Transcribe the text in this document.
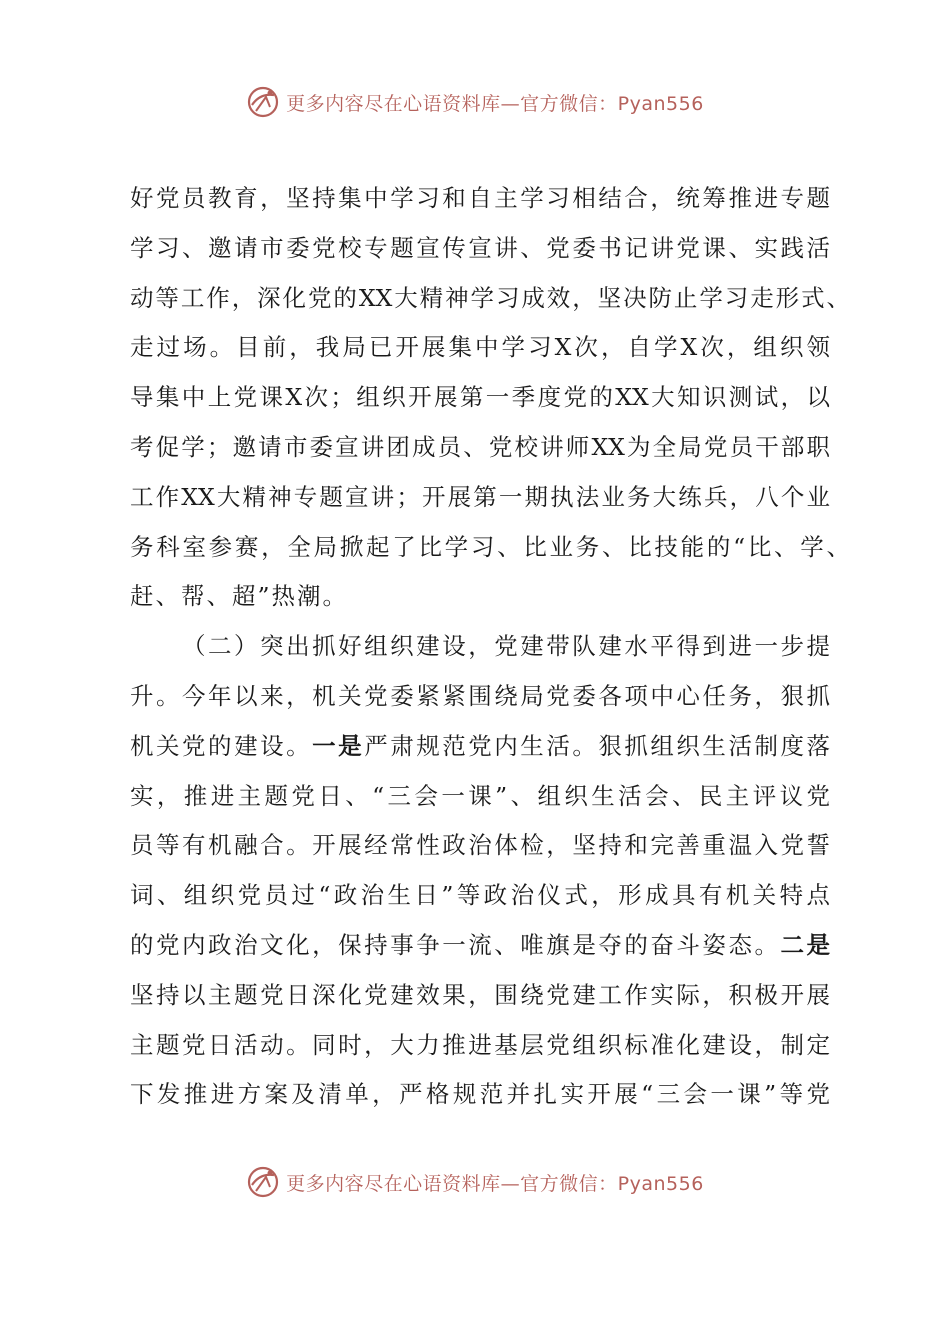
更多内容尽在心语资料库—官方微信：Pyan556
好党员教育，坚持集中学习和自主学习相结合，统筹推进专题
学习、邀请市委党校专题宣传宣讲、党委书记讲党课、实践活
动等工作，深化党的XX大精神学习成效，坚决防止学习走形式、
走过场。目前，我局已开展集中学习X次，自学X次，组织领
导集中上党课X次；组织开展第一季度党的XX大知识测试，以
考促学；邀请市委宣讲团成员、党校讲师XX为全局党员干部职
工作XX大精神专题宣讲；开展第一期执法业务大练兵，八个业
务科室参赛，全局掀起了比学习、比业务、比技能的“比、学、
赶、帮、超”热潮。
（二）突出抓好组织建设，党建带队建水平得到进一步提
升。今年以来，机关党委紧紧围绕局党委各项中心任务，狠抓
机关党的建设。一是严肃规范党内生活。狠抓组织生活制度落
实，推进主题党日、“三会一课”、组织生活会、民主评议党
员等有机融合。开展经常性政治体检，坚持和完善重温入党誓
词、组织党员过“政治生日”等政治仪式，形成具有机关特点
的党内政治文化，保持事争一流、唯旗是夺的奋斗姿态。二是
坚持以主题党日深化党建效果，围绕党建工作实际，积极开展
主题党日活动。同时，大力推进基层党组织标准化建设，制定
下发推进方案及清单，严格规范并扎实开展“三会一课”等党
更多内容尽在心语资料库—官方微信：Pyan556
